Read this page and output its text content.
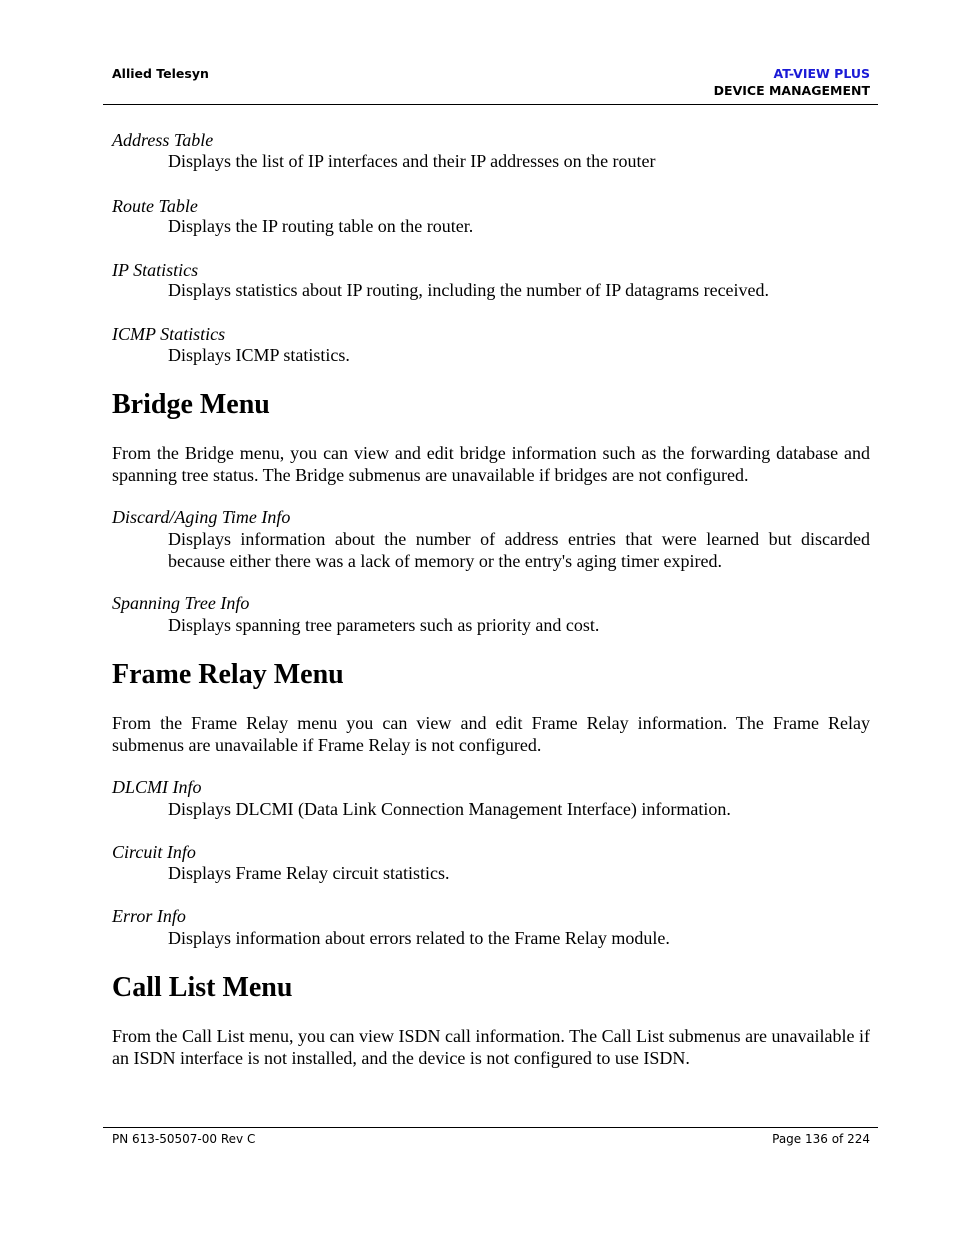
Allied Telesyn	AT-VIEW PLUS
DEVICE MANAGEMENT
Address Table
Displays the list of IP interfaces and their IP addresses on the router
Route Table
Displays the IP routing table on the router.
IP Statistics
Displays statistics about IP routing, including the number of IP datagrams received.
ICMP Statistics
Displays ICMP statistics.
Bridge Menu
From the Bridge menu, you can view and edit bridge information such as the forwarding database and spanning tree status. The Bridge submenus are unavailable if bridges are not configured.
Discard/Aging Time Info
Displays information about the number of address entries that were learned but discarded because either there was a lack of memory or the entry's aging timer expired.
Spanning Tree Info
Displays spanning tree parameters such as priority and cost.
Frame Relay Menu
From the Frame Relay menu you can view and edit Frame Relay information. The Frame Relay submenus are unavailable if Frame Relay is not configured.
DLCMI Info
Displays DLCMI (Data Link Connection Management Interface) information.
Circuit Info
Displays Frame Relay circuit statistics.
Error Info
Displays information about errors related to the Frame Relay module.
Call List Menu
From the Call List menu, you can view ISDN call information. The Call List submenus are unavailable if an ISDN interface is not installed, and the device is not configured to use ISDN.
PN 613-50507-00 Rev C	Page 136 of 224
